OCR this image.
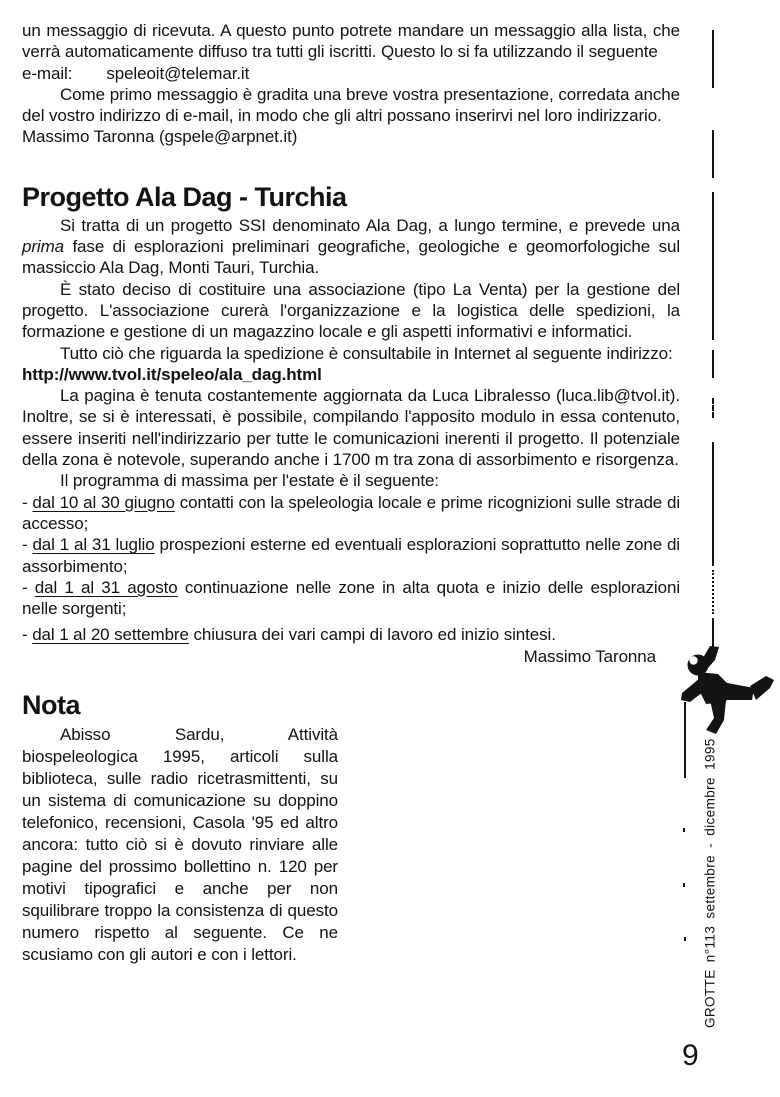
un messaggio di ricevuta. A questo punto potrete mandare un messaggio alla lista, che verrà automaticamente diffuso tra tutti gli iscritti. Questo lo si fa utilizzando il seguente

e-mail: speleoit@telemar.it

Come primo messaggio è gradita una breve vostra presentazione, corredata anche del vostro indirizzo di e-mail, in modo che gli altri possano inserirvi nel loro indirizzario.

Massimo Taronna (gspele@arpnet.it)

Progetto Ala Dag - Turchia

Si tratta di un progetto SSI denominato Ala Dag, a lungo termine, e prevede una prima fase di esplorazioni preliminari geografiche, geologiche e geomorfologiche sul massiccio Ala Dag, Monti Tauri, Turchia.

È stato deciso di costituire una associazione (tipo La Venta) per la gestione del progetto. L'associazione curerà l'organizzazione e la logistica delle spedizioni, la formazione e gestione di un magazzino locale e gli aspetti informativi e informatici.

Tutto ciò che riguarda la spedizione è consultabile in Internet al seguente indirizzo:

http://www.tvol.it/speleo/ala_dag.html

La pagina è tenuta costantemente aggiornata da Luca Libralesso (luca.lib@tvol.it). Inoltre, se si è interessati, è possibile, compilando l'apposito modulo in essa contenuto, essere inseriti nell'indirizzario per tutte le comunicazioni inerenti il progetto. Il potenziale della zona è notevole, superando anche i 1700 m tra zona di assorbimento e risorgenza.

Il programma di massima per l'estate è il seguente:

- dal 10 al 30 giugno contatti con la speleologia locale e prime ricognizioni sulle strade di accesso;

- dal 1 al 31 luglio prospezioni esterne ed eventuali esplorazioni soprattutto nelle zone di assorbimento;

- dal 1 al 31 agosto continuazione nelle zone in alta quota e inizio delle esplorazioni nelle sorgenti;

- dal 1 al 20 settembre chiusura dei vari campi di lavoro ed inizio sintesi.

Massimo Taronna

Nota

Abisso Sardu, Attività biospeleologica 1995, articoli sulla biblioteca, sulle radio ricetrasmittenti, su un sistema di comunicazione su doppino telefonico, recensioni, Casola '95 ed altro ancora: tutto ciò si è dovuto rinviare alle pagine del prossimo bollettino n. 120 per motivi tipografici e anche per non squilibrare troppo la consistenza di questo numero rispetto al seguente. Ce ne scusiamo con gli autori e con i lettori.	GROTTE n°113 settembre - dicembre 1995
9
